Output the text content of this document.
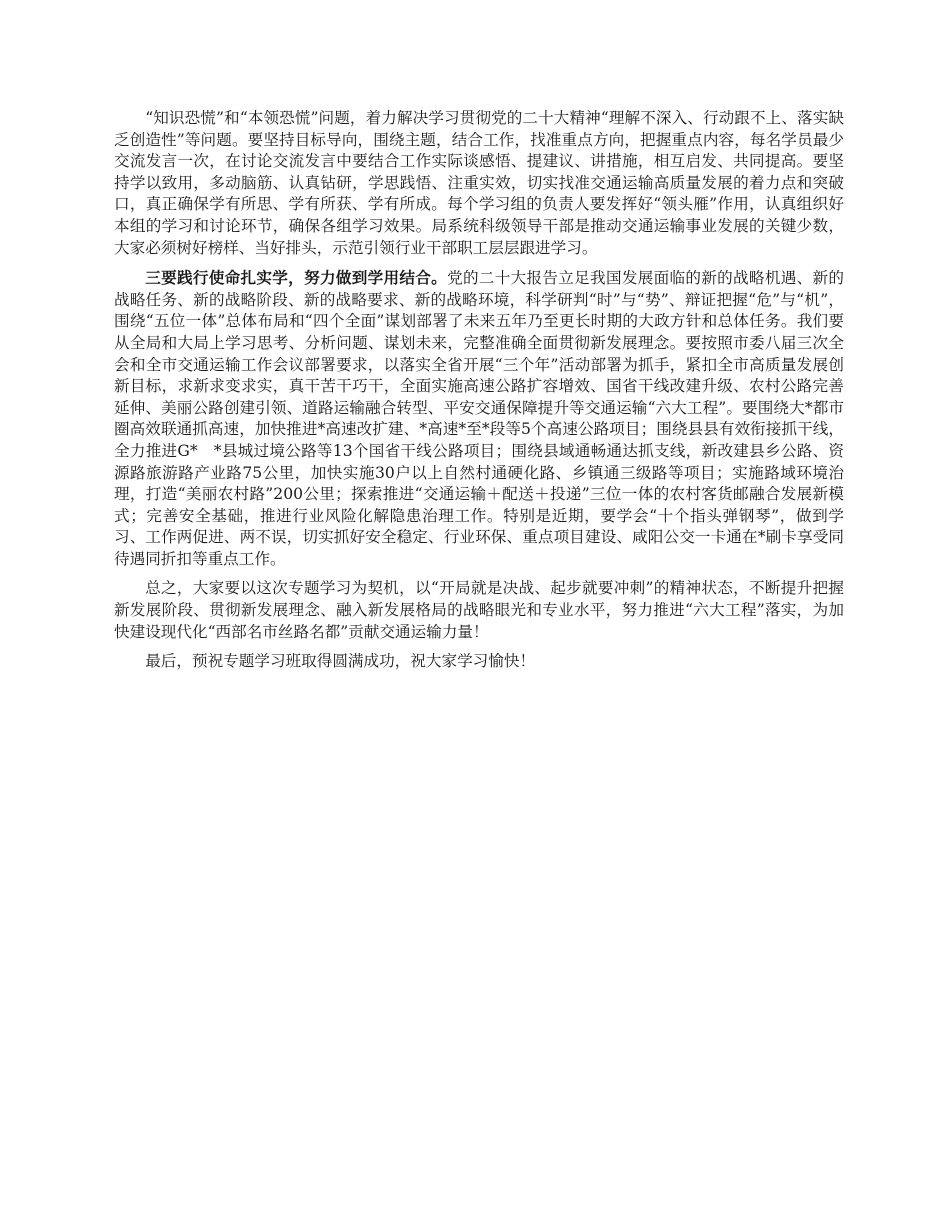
“知识恐慌”和“本领恐慌”问题，着力解决学习贯彻党的二十大精神“理解不深入、行动跟不上、落实缺乏创造性”等问题。要坚持目标导向，围绕主题，结合工作，找准重点方向，把握重点内容，每名学员最少交流发言一次，在讨论交流发言中要结合工作实际谈感悟、提建议、讲措施，相互启发、共同提高。要坚持学以致用，多动脑筋、认真钻研，学思践悟、注重实效，切实找准交通运输高质量发展的着力点和突破口，真正确保学有所思、学有所获、学有所成。每个学习组的负责人要发挥好“领头雁”作用，认真组织好本组的学习和讨论环节，确保各组学习效果。局系统科级领导干部是推动交通运输事业发展的关键少数，大家必须树好榜样、当好排头，示范引领行业干部职工层层跟进学习。

三要践行使命扎实学，努力做到学用结合。党的二十大报告立足我国发展面临的新的战略机遇、新的战略任务、新的战略阶段、新的战略要求、新的战略环境，科学研判“时”与“势”、辩证把握“危”与“机”，围绕“五位一体”总体布局和“四个全面”谋划部署了未来五年乃至更长时期的大政方针和总体任务。我们要从全局和大局上学习思考、分析问题、谋划未来，完整准确全面贯彻新发展理念。要按照市委八届三次全会和全市交通运输工作会议部署要求，以落实全省开展“三个年”活动部署为抓手，紧扣全市高质量发展创新目标，求新求变求实，真干苦干巧干，全面实施高速公路扩容增效、国省干线改建升级、农村公路完善延伸、美丽公路创建引领、道路运输融合转型、平安交通保障提升等交通运输“六大工程”。要围绕大*都市圈高效联通抓高速，加快推进*高速改扩建、*高速*至*段等5个高速公路项目；围绕县县有效衔接抓干线，全力推进G*　*县城过境公路等13个国省干线公路项目；围绕县域通畅通达抓支线，新改建县乡公路、资源路旅游路产业路75公里，加快实施30户以上自然村通硬化路、乡镇通三级路等项目；实施路域环境治理，打造“美丽农村路”200公里；探索推进“交通运输＋配送＋投递”三位一体的农村客货邮融合发展新模式；完善安全基础，推进行业风险化解隐患治理工作。特别是近期，要学会“十个指头弹钢琴”，做到学习、工作两促进、两不误，切实抓好安全稳定、行业环保、重点项目建设、咸阳公交一卡通在*刷卡享受同待遇同折扣等重点工作。

总之，大家要以这次专题学习为契机，以“开局就是决战、起步就要冲刺”的精神状态，不断提升把握新发展阶段、贯彻新发展理念、融入新发展格局的战略眼光和专业水平，努力推进“六大工程”落实，为加快建设现代化“西部名市丝路名都”贡献交通运输力量！

最后，预祝专题学习班取得圆满成功，祝大家学习愉快！
